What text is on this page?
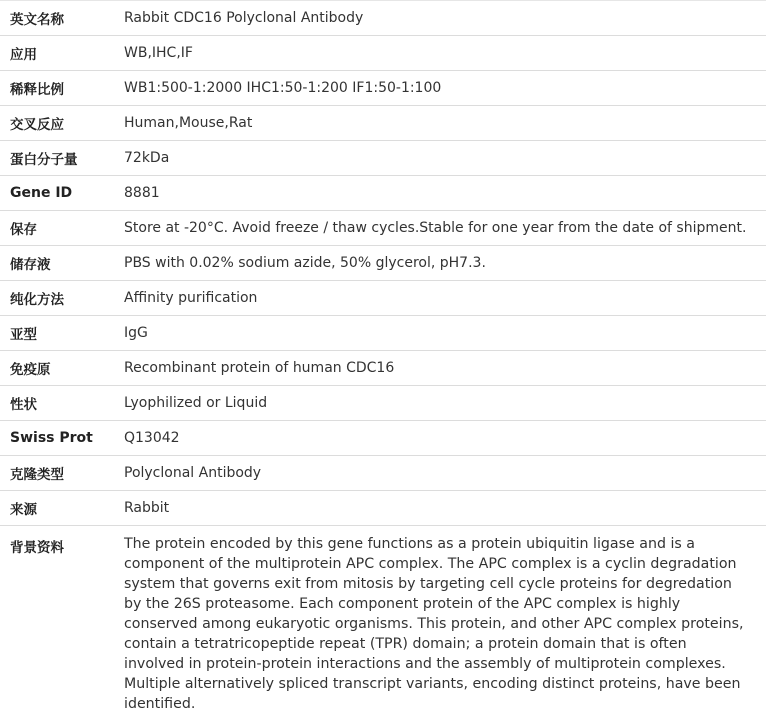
英文名称	Rabbit CDC16 Polyclonal Antibody
应用	WB,IHC,IF
稀释比例	WB1:500-1:2000 IHC1:50-1:200 IF1:50-1:100
交叉反应	Human,Mouse,Rat
蛋白分子量	72kDa
Gene ID	8881
保存	Store at -20°C. Avoid freeze / thaw cycles.Stable for one year from the date of shipment.
储存液	PBS with 0.02% sodium azide, 50% glycerol, pH7.3.
纯化方法	Affinity purification
亚型	IgG
免疫原	Recombinant protein of human CDC16
性状	Lyophilized or Liquid
Swiss Prot	Q13042
克隆类型	Polyclonal Antibody
来源	Rabbit
背景资料	The protein encoded by this gene functions as a protein ubiquitin ligase and is a component of the multiprotein APC complex. The APC complex is a cyclin degradation system that governs exit from mitosis by targeting cell cycle proteins for degredation by the 26S proteasome. Each component protein of the APC complex is highly conserved among eukaryotic organisms. This protein, and other APC complex proteins, contain a tetratricopeptide repeat (TPR) domain; a protein domain that is often involved in protein-protein interactions and the assembly of multiprotein complexes. Multiple alternatively spliced transcript variants, encoding distinct proteins, have been identified.
